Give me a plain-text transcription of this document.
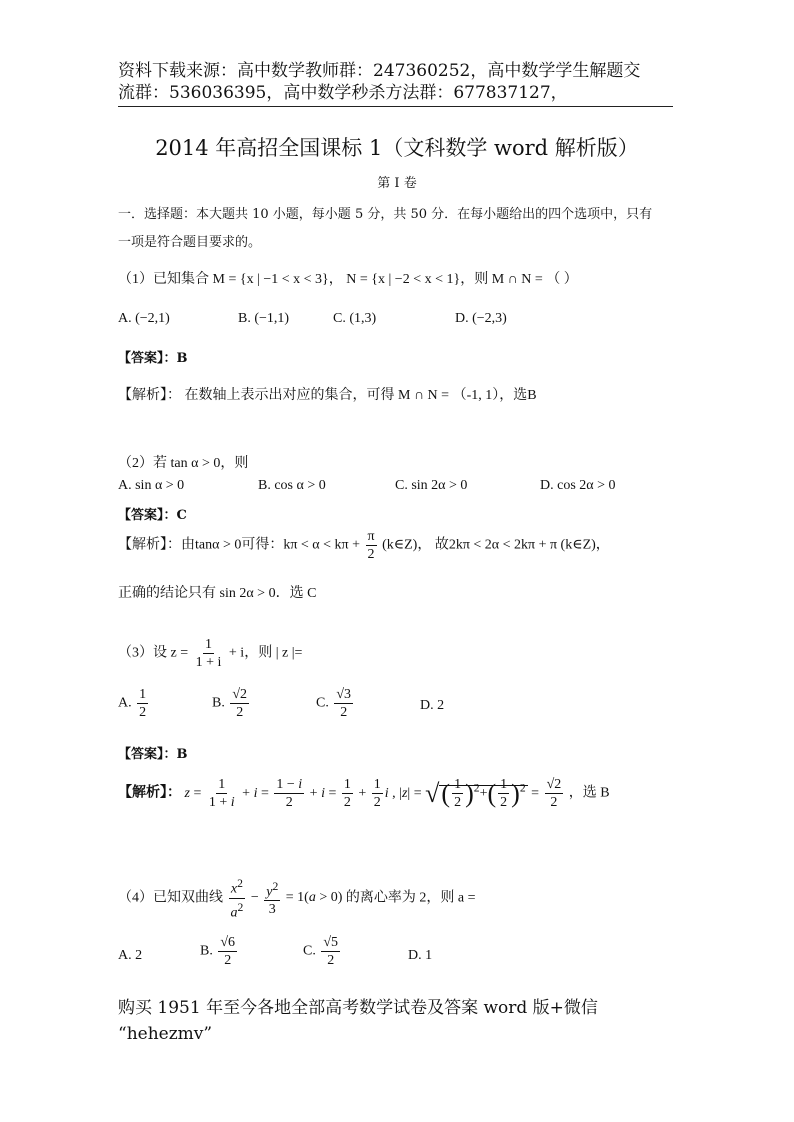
资料下载来源：高中数学教师群：247360252，高中数学学生解题交
流群：536036395，高中数学秒杀方法群：677837127，
2014 年高招全国课标 1（文科数学 word 解析版）
第 I 卷
一．选择题：本大题共 10 小题，每小题 5 分，共 50 分．在每小题给出的四个选项中，只有
一项是符合题目要求的。
（1）已知集合 M = {x | −1 < x < 3}， N = {x | −2 < x < 1}，则 M ∩ N = （ ）
A. (−2,1)	B. (−1,1)	C. (1,3)	D. (−2,3)
【答案】：B
【解析】： 在数轴上表示出对应的集合，可得 M ∩ N = （-1, 1），选B
（2）若 tan α > 0，则
A. sin α > 0	B. cos α > 0	C. sin 2α > 0	D. cos 2α > 0
【答案】：C
【解析】：由tanα > 0可得：$k\pi < \alpha < k\pi + \frac{\pi}{2}$ (k∈Z)， 故2kπ < 2α < 2kπ + π (k∈Z)，
正确的结论只有 sin 2α > 0．选 C
（3）设 $z = \frac{1}{1 + i} + i$，则 | z |=
A. $\frac{1}{2}$	B. $\frac{√2}{2}$	C. $\frac{√3}{2}$	D. 2
【答案】：B
【解析】： $z = \frac{1}{1 + i} + i = \frac{1 - i}{2} + i = \frac{1}{2} + \frac{1}{2}$ i , |z| = √( $\frac{1}{2} )^2+( \frac{1}{2} )^2 = \frac{√2}{2}$ ，选 B
（4）已知双曲线 $\frac{x^2}{a^2} - \frac{y^2}{3} = 1(a > 0)$ 的离心率为 2，则 a =
A. 2	B. $\frac{√6}{2}$	C. $\frac{√5}{2}$	D. 1
购买 1951 年至今各地全部高考数学试卷及答案 word 版+微信
“hehezmv”
